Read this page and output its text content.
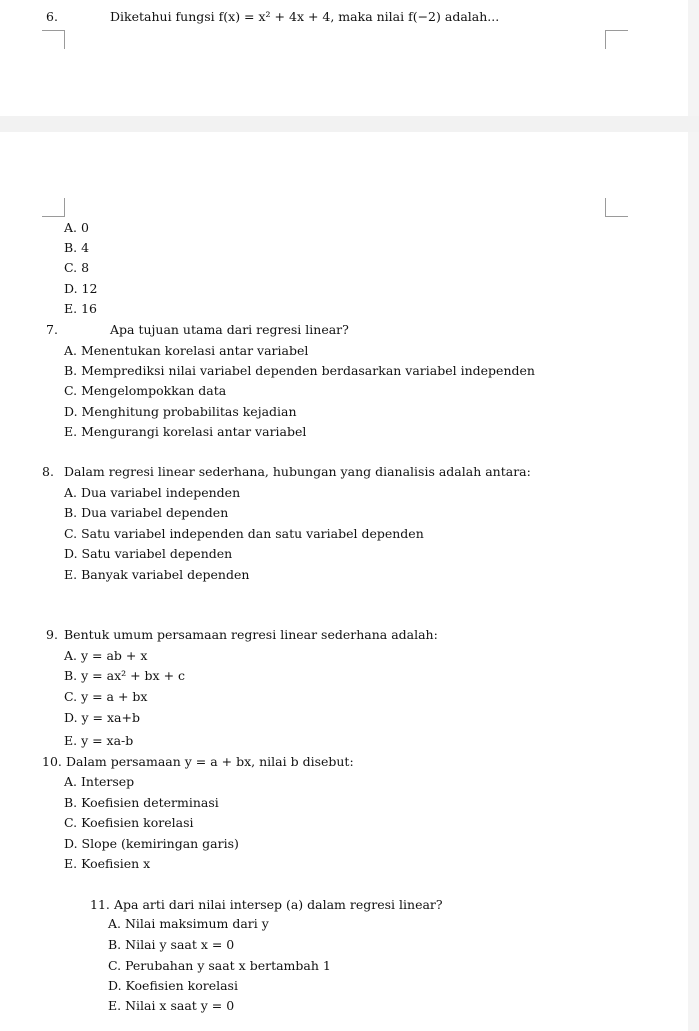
6.	Diketahui fungsi f(x) = x² + 4x + 4, maka nilai f(−2) adalah...
A. 0
B. 4
C. 8
D. 12
E. 16
7.	Apa tujuan utama dari regresi linear?
A. Menentukan korelasi antar variabel
B. Memprediksi nilai variabel dependen berdasarkan variabel independen
C. Mengelompokkan data
D. Menghitung probabilitas kejadian
E. Mengurangi korelasi antar variabel
8. Dalam regresi linear sederhana, hubungan yang dianalisis adalah antara:
A. Dua variabel independen
B. Dua variabel dependen
C. Satu variabel independen dan satu variabel dependen
D. Satu variabel dependen
E. Banyak variabel dependen
9. Bentuk umum persamaan regresi linear sederhana adalah:
A. y = ab + x
B. y = ax² + bx + c
C. y = a + bx
D. y = xa+b
E. y = xa-b
10. Dalam persamaan y = a + bx, nilai b disebut:
A. Intersep
B. Koefisien determinasi
C. Koefisien korelasi
D. Slope (kemiringan garis)
E. Koefisien x
11. Apa arti dari nilai intersep (a) dalam regresi linear?
A. Nilai maksimum dari y
B. Nilai y saat x = 0
C. Perubahan y saat x bertambah 1
D. Koefisien korelasi
E. Nilai x saat y = 0
